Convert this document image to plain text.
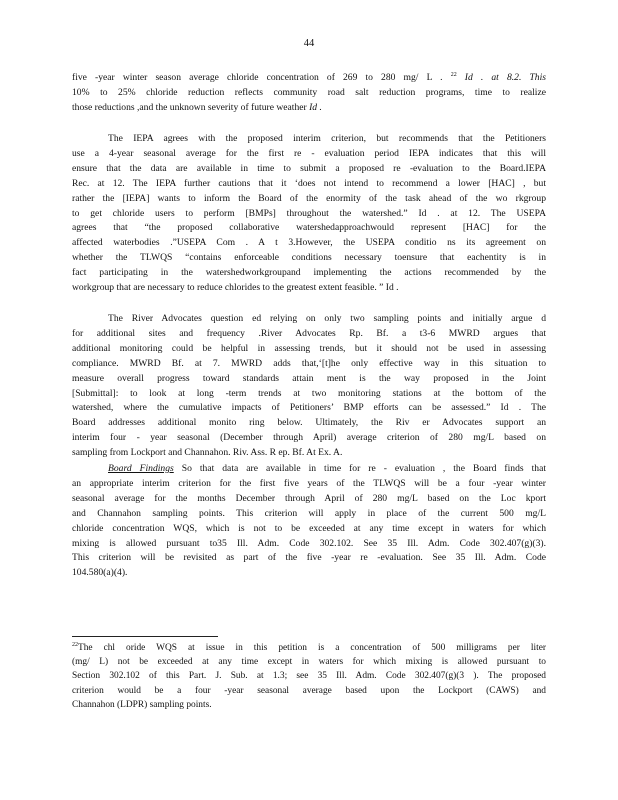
44
five -year winter season average chloride concentration of 269 to 280 mg/ L . $^{22}$ Id . at 8.2. This
10% to 25% chloride reduction reflects community road salt reduction programs, time to realize
those reductions ,and the unknown severity of future weather Id .
The IEPA agrees with the proposed interim criterion, but recommends that the Petitioners
use a 4-year seasonal average for the first re - evaluation period IEPA indicates that this will
ensure that the data are available in time to submit a proposed re -evaluation to the Board.IEPA
Rec. at 12. The IEPA further cautions that it ‘does not intend to recommend a lower [HAC] , but
rather the [IEPA] wants to inform the Board of the enormity of the task ahead of the wo rkgroup
to get chloride users to perform [BMPs] throughout the watershed.” Id . at 12. The USEPA
agrees that “the proposed collaborative watershedapproachwould represent [HAC] for the
affected waterbodies .”USEPA Com . A t 3.However, the USEPA conditio ns its agreement on
whether the TLWQS “contains enforceable conditions necessary toensure that eachentity is in
fact participating in the watershedworkgroupand implementing the actions recommended by the
workgroup that are necessary to reduce chlorides to the greatest extent feasible. ” Id .
The River Advocates question ed relying on only two sampling points and initially argue d
for additional sites and frequency .River Advocates Rp. Bf. a t3-6 MWRD argues that
additional monitoring could be helpful in assessing trends, but it should not be used in assessing
compliance. MWRD Bf. at 7. MWRD adds that,‘[t]he only effective way in this situation to
measure overall progress toward standards attain ment is the way proposed in the Joint
[Submittal]: to look at long -term trends at two monitoring stations at the bottom of the
watershed, where the cumulative impacts of Petitioners’ BMP efforts can be assessed.” Id . The
Board addresses additional monito ring below. Ultimately, the Riv er Advocates support an
interim four - year seasonal (December through April) average criterion of 280 mg/L based on
sampling from Lockport and Channahon. Riv. Ass. R ep. Bf. At Ex. A.
Board Findings So that data are available in time for re - evaluation , the Board finds that
an appropriate interim criterion for the first five years of the TLWQS will be a four -year winter
seasonal average for the months December through April of 280 mg/L based on the Loc kport
and Channahon sampling points. This criterion will apply in place of the current 500 mg/L
chloride concentration WQS, which is not to be exceeded at any time except in waters for which
mixing is allowed pursuant to35 Ill. Adm. Code 302.102. See 35 Ill. Adm. Code 302.407(g)(3).
This criterion will be revisited as part of the five -year re -evaluation. See 35 Ill. Adm. Code
104.580(a)(4).
$^{22}$The chl oride WQS at issue in this petition is a concentration of 500 milligrams per liter
(mg/ L) not be exceeded at any time except in waters for which mixing is allowed pursuant to
Section 302.102 of this Part. J. Sub. at 1.3; see 35 Ill. Adm. Code 302.407(g)(3 ). The proposed
criterion would be a four -year seasonal average based upon the Lockport (CAWS) and
Channahon (LDPR) sampling points.
